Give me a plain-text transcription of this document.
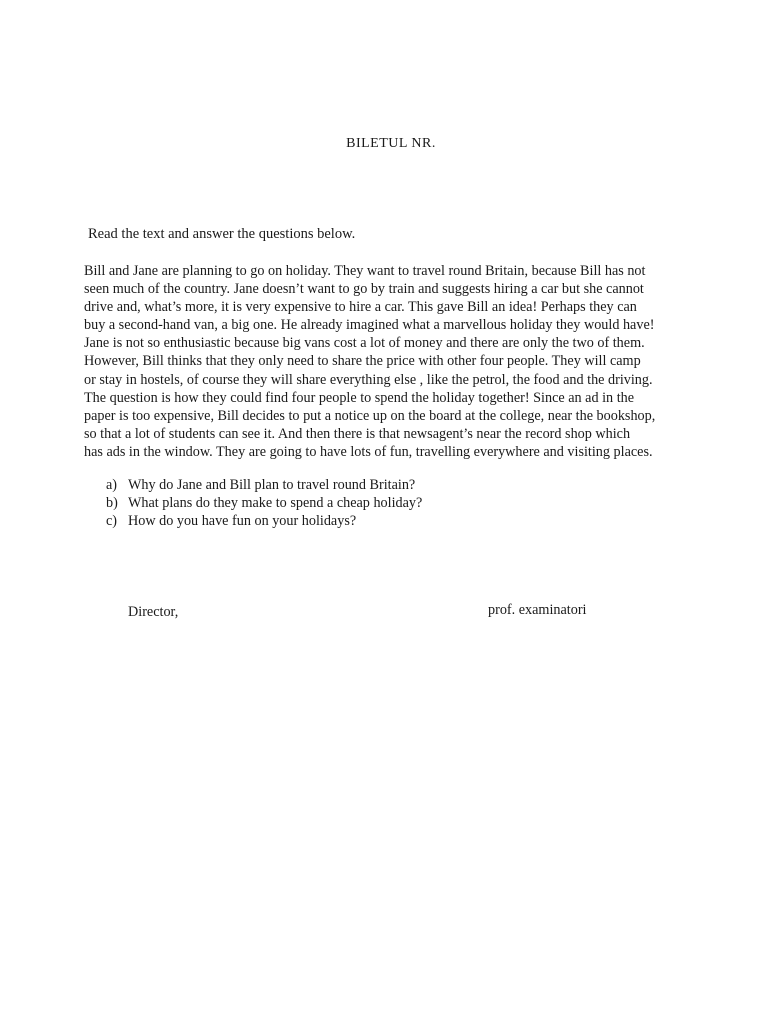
BILETUL NR.
Read the text and answer the questions below.
Bill and Jane are planning to go on holiday. They want to travel round Britain, because Bill has not
seen much of the country. Jane doesn’t want to go by train and suggests hiring a car but she cannot
drive and, what’s more, it is very expensive to hire a car. This gave Bill an idea! Perhaps they can
buy a second-hand van, a big one. He already imagined what a marvellous holiday they would have!
Jane is not so enthusiastic because big vans cost a lot of money and there are only the two of them.
However, Bill thinks that they only need to share the price with other four people. They will camp
or stay in hostels, of course they will share everything else , like the petrol, the food and the driving.
The question is how they could find four people to spend the holiday together! Since an ad in the
paper is too expensive, Bill decides to put a notice up on the board at the college, near the bookshop,
so that a lot of students can see it. And then there is that newsagent’s near the record shop which
has ads in the window. They are going to have lots of fun, travelling everywhere and visiting places.
a) Why do Jane and Bill plan to travel round Britain?
b) What plans do they make to spend a cheap holiday?
c) How do you have fun on your holidays?
Director,	prof. examinatori
